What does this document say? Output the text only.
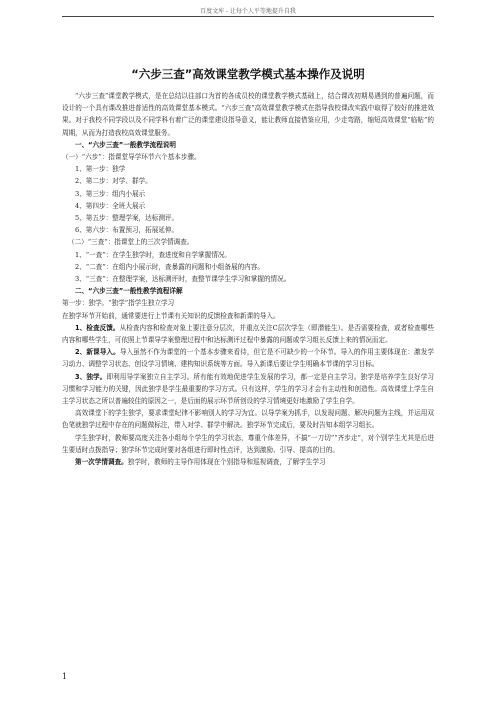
百度文库 - 让每个人平等地提升自我
“六步三查”高效课堂教学模式基本操作及说明

“六步三查”课堂教学模式，是在总结以往部口为首的各成员校的课堂教学模式基础上，结合课改初期易遇到的普遍问题，而设计的一个具有课改推进普适性的高效课堂基本模式。“六步三查”高效课堂教学模式在指导我校课改实践中取得了较好的推进效果。对于我校不同学段以及不同学科有着广泛的课堂建设指导意义，能让教师直接借鉴应用，少走弯路，缩短高效课堂“临帖”的周期，从而为打造我校高效课堂服务。

一、“六步三查”一般教学流程说明

（一）“六步”：指课堂导学环节六个基本步骤。

1、第一步：独学

2、第二步：对学、群学。

3、第三步：组内小展示

4、第四步：全班大展示

5、第五步：整理学案，达标测评。

6、第六步：布置预习，拓展延伸。

（二）“三查”：指课堂上的三次学情调查。

1、“一查”：在学生独学时，查进度和自学掌握情况。

2、“二查”：在组内小展示时，查暴露的问题和小组备展的内容。

3、“三查”：在整理学案，达标测评时，查整节课学生学习和掌握的情况。

二、“六步三查”一般性教学流程详解

第一步：独学。“独学”指学生独立学习

在独学环节开始前，通常要进行上节课有关知识的反馈检查和新课的导入。

1、检查反馈。从检查内容和检查对象上要注意分层次，并重点关注C层次学生（即潜能生）。是否需要检查，或者检查哪些内容和哪些学生，可依照上节课导学案整理过程中和达标测评过程中暴露的问题或学习组长反馈上来的情况而定。

2、新课导入。导入虽然不作为课堂的一个基本步骤来看待，但它是不可缺少的一个环节。导入的作用主要体现在：激发学习动力、调整学习状态、创设学习情境、建构知识系统等方面。导入新课后要让学生明确本节课的学习目标。

3、独学。即利用导学案独立自主学习。所有能有效地促进学生发展的学习，都一定是自主学习。独学是培养学生良好学习习惯和学习能力的关键，因此独学是学生最重要的学习方式。只有这样，学生的学习才会有主动性和创造性。高效课堂上学生自主学习状态之所以普遍较佳的原因之一，是后面的展示环节所创设的学习情境更好地激励了学生自学。

高效课堂下的学生独学，要求课堂纪律不影响别人的学习为宜。以导学案为抓手，以发现问题、解决问题为主线，并运用双色笔就独学过程中存在的问题做标注，带入对学、群学中解决。独学环节完成后，要及时告知本组学习组长。

学生独学时，教师要高度关注各小组每个学生的学习状态，尊重个体差异，不搞“一刀切”“齐步走”，对个别学生尤其是后进生要适时点拨指导；独学环节完成时要对各组进行即时性点评，达到激励、引导、提高的目的。

第一次学情调查。独学时，教师的主导作用体现在个别指导和巡视调查，了解学生学习

1
